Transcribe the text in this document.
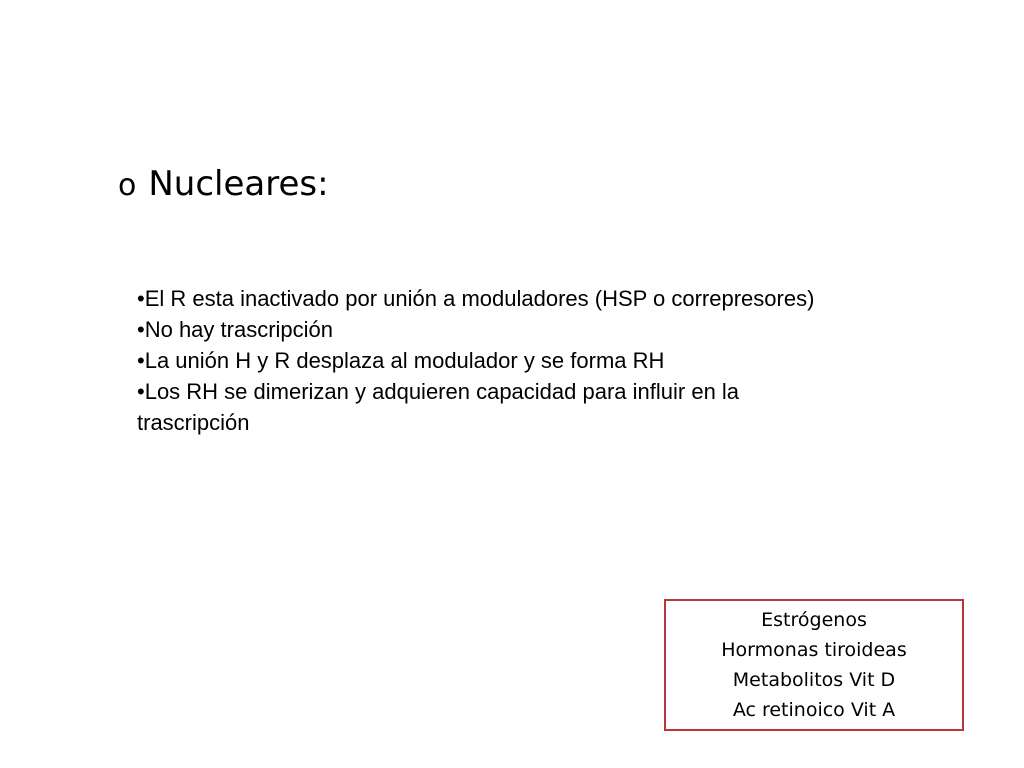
o Nucleares:
•El R esta inactivado por unión a moduladores (HSP o correpresores)
•No hay trascripción
•La unión H y R desplaza al modulador y se forma RH
•Los RH se dimerizan y adquieren capacidad para influir en la trascripción
Estrógenos
Hormonas tiroideas
Metabolitos Vit D
Ac retinoico Vit A
